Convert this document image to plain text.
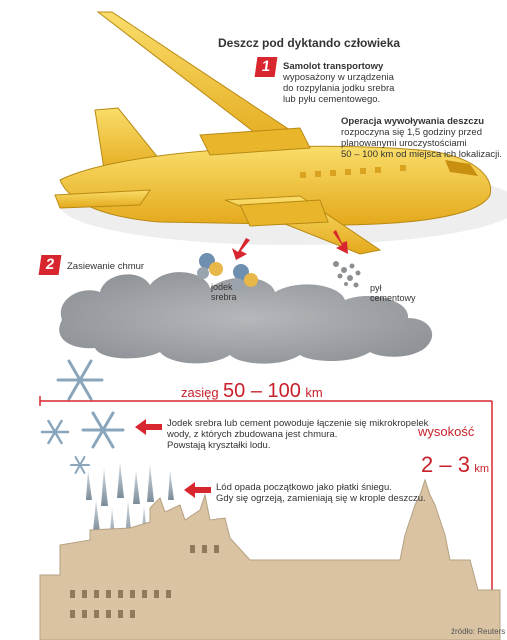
Deszcz pod dyktando człowieka
1	Samolot transportowy
wyposażony w urządzenia
do rozpylania jodku srebra
lub pyłu cementowego.
Operacja wywoływania deszczu
rozpoczyna się 1,5 godziny przed
planowanymi uroczystościami
50 – 100 km od miejsca ich lokalizacji.
2	Zasiewanie chmur
jodek
srebra
pył
cementowy
zasięg 50 – 100 km
wysokość
2 – 3 km
Jodek srebra lub cement powoduje łączenie się mikrokropelek
wody, z których zbudowana jest chmura.
Powstają kryształki lodu.
Lód opada początkowo jako płatki śniegu.
Gdy się ogrzeją, zamieniają się w krople deszczu.
źródło: Reuters
